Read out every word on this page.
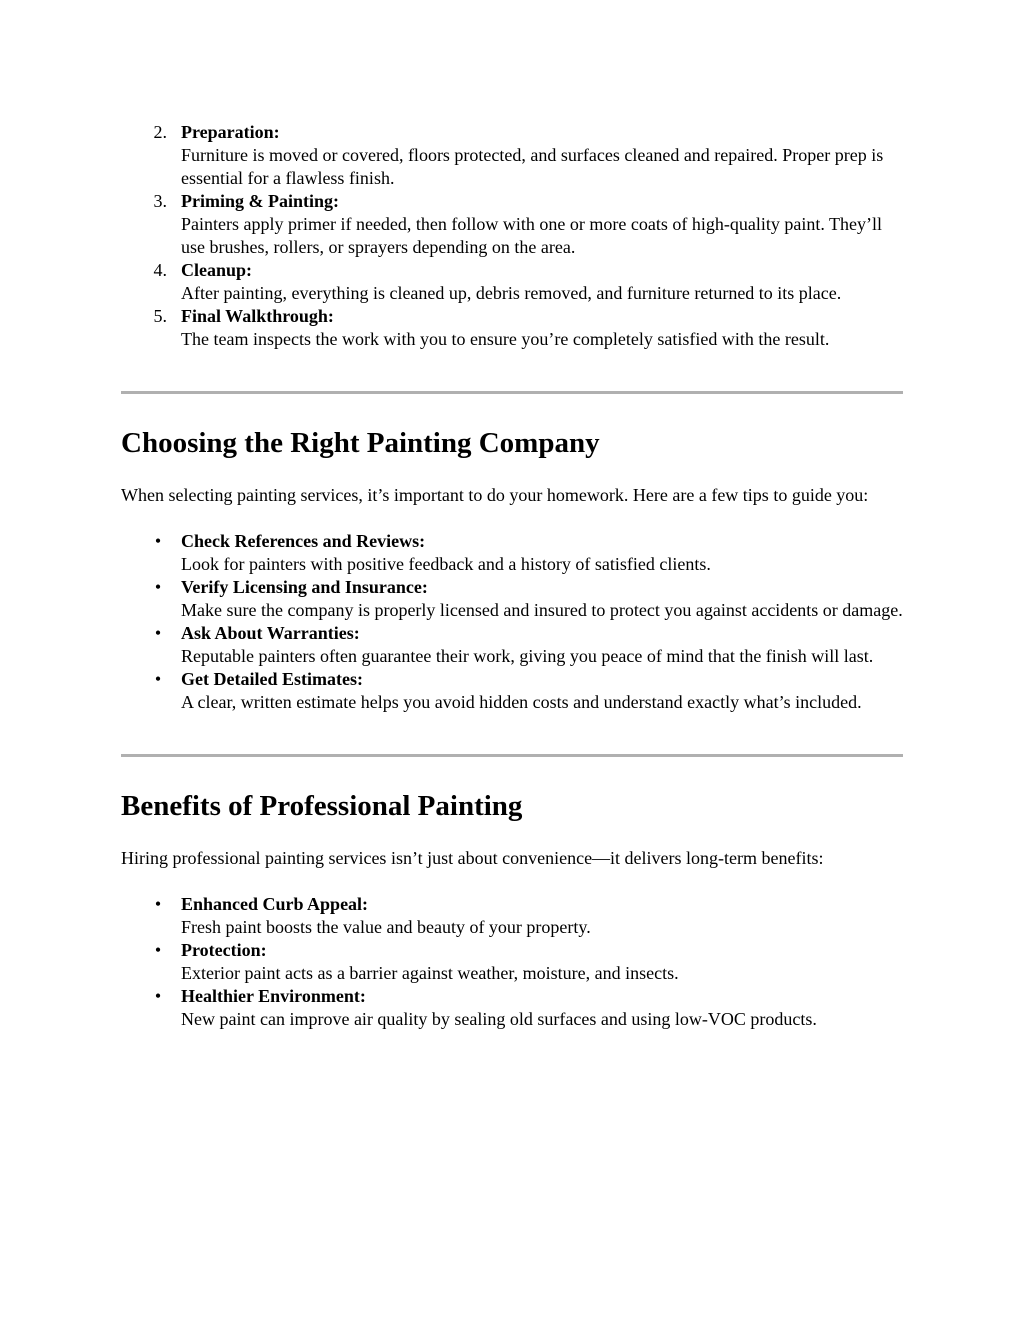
2. Preparation:
Furniture is moved or covered, floors protected, and surfaces cleaned and repaired. Proper prep is essential for a flawless finish.
3. Priming & Painting:
Painters apply primer if needed, then follow with one or more coats of high-quality paint. They’ll use brushes, rollers, or sprayers depending on the area.
4. Cleanup:
After painting, everything is cleaned up, debris removed, and furniture returned to its place.
5. Final Walkthrough:
The team inspects the work with you to ensure you’re completely satisfied with the result.
Choosing the Right Painting Company

When selecting painting services, it’s important to do your homework. Here are a few tips to guide you:

•	Check References and Reviews:
Look for painters with positive feedback and a history of satisfied clients.
•	Verify Licensing and Insurance:
Make sure the company is properly licensed and insured to protect you against accidents or damage.
•	Ask About Warranties:
Reputable painters often guarantee their work, giving you peace of mind that the finish will last.
•	Get Detailed Estimates:
A clear, written estimate helps you avoid hidden costs and understand exactly what’s included.
Benefits of Professional Painting

Hiring professional painting services isn’t just about convenience—it delivers long-term benefits:

•	Enhanced Curb Appeal:
Fresh paint boosts the value and beauty of your property.
•	Protection:
Exterior paint acts as a barrier against weather, moisture, and insects.
•	Healthier Environment:
New paint can improve air quality by sealing old surfaces and using low-VOC products.
